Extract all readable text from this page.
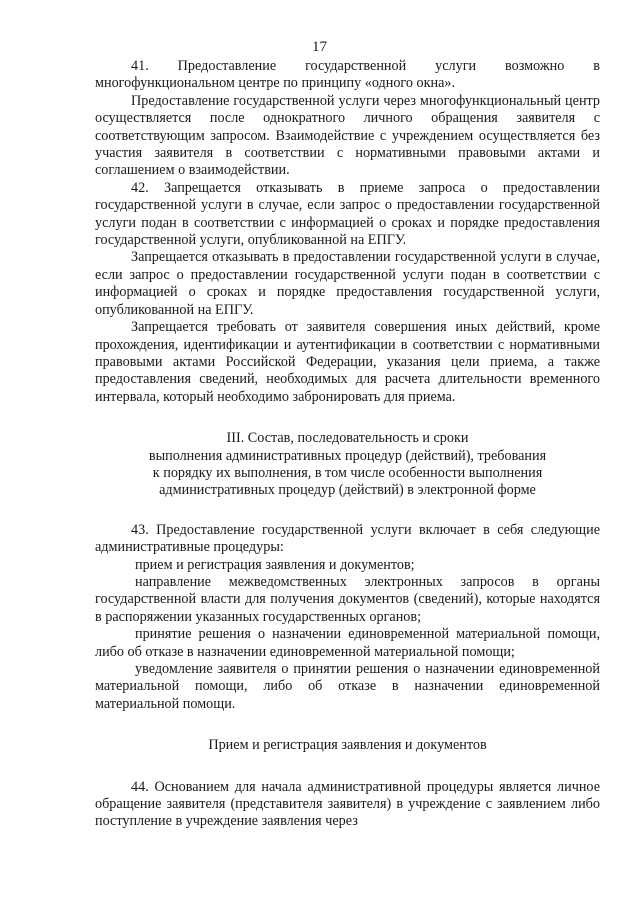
17

41. Предоставление государственной услуги возможно в многофункциональном центре по принципу «одного окна».

Предоставление государственной услуги через многофункциональный центр осуществляется после однократного личного обращения заявителя с соответствующим запросом. Взаимодействие с учреждением осуществляется без участия заявителя в соответствии с нормативными правовыми актами и соглашением о взаимодействии.

42. Запрещается отказывать в приеме запроса о предоставлении государственной услуги в случае, если запрос о предоставлении государственной услуги подан в соответствии с информацией о сроках и порядке предоставления государственной услуги, опубликованной на ЕПГУ.

Запрещается отказывать в предоставлении государственной услуги в случае, если запрос о предоставлении государственной услуги подан в соответствии с информацией о сроках и порядке предоставления государственной услуги, опубликованной на ЕПГУ.

Запрещается требовать от заявителя совершения иных действий, кроме прохождения, идентификации и аутентификации в соответствии с нормативными правовыми актами Российской Федерации, указания цели приема, а также предоставления сведений, необходимых для расчета длительности временного интервала, который необходимо забронировать для приема.

III. Состав, последовательность и сроки

выполнения административных процедур (действий), требования

к порядку их выполнения, в том числе особенности выполнения

административных процедур (действий) в электронной форме

43. Предоставление государственной услуги включает в себя следующие административные процедуры:

прием и регистрация заявления и документов;

направление межведомственных электронных запросов в органы государственной власти для получения документов (сведений), которые находятся в распоряжении указанных государственных органов;

принятие решения о назначении единовременной материальной помощи, либо об отказе в назначении единовременной материальной помощи;

уведомление заявителя о принятии решения о назначении единовременной материальной помощи, либо об отказе в назначении единовременной материальной помощи.

Прием и регистрация заявления и документов

44. Основанием для начала административной процедуры является личное обращение заявителя (представителя заявителя) в учреждение с заявлением либо поступление в учреждение заявления через
